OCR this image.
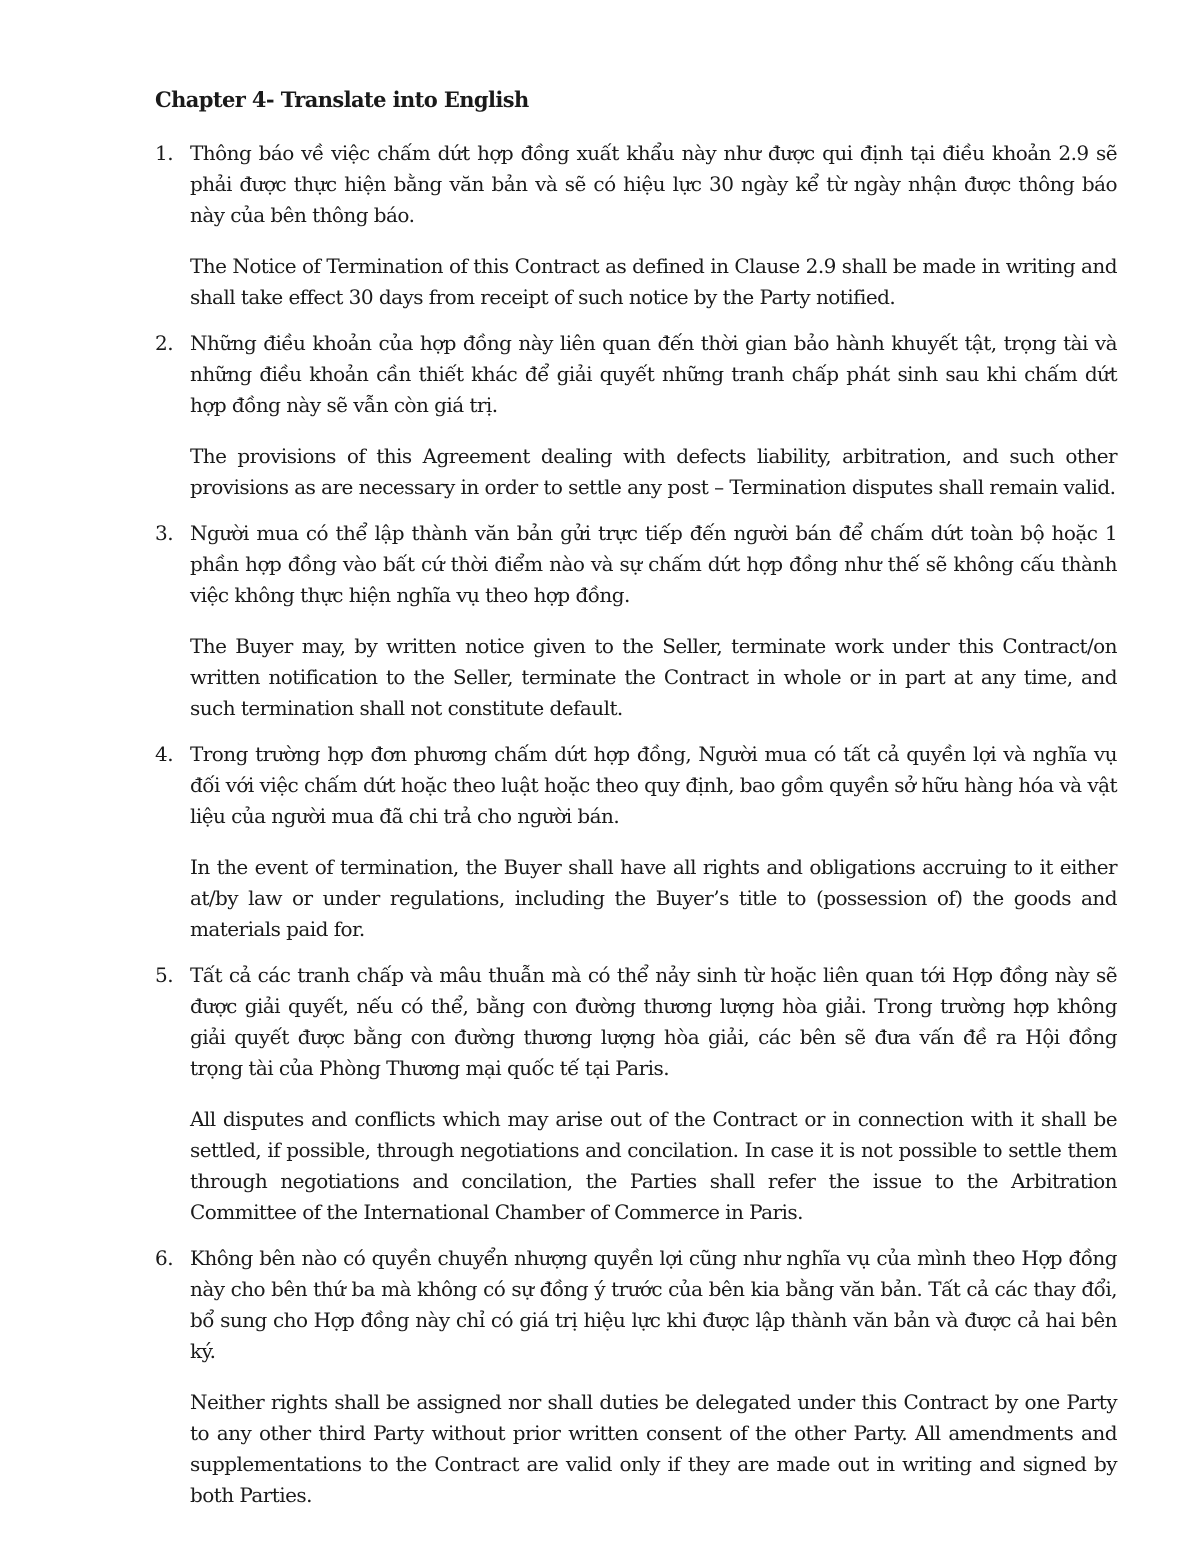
Chapter 4- Translate into English
1. Thông báo về việc chấm dứt hợp đồng xuất khẩu này như được qui định tại điều khoản 2.9 sẽ phải được thực hiện bằng văn bản và sẽ có hiệu lực 30 ngày kể từ ngày nhận được thông báo này của bên thông báo.

The Notice of Termination of this Contract as defined in Clause 2.9 shall be made in writing and shall take effect 30 days from receipt of such notice by the Party notified.

2. Những điều khoản của hợp đồng này liên quan đến thời gian bảo hành khuyết tật, trọng tài và những điều khoản cần thiết khác để giải quyết những tranh chấp phát sinh sau khi chấm dứt hợp đồng này sẽ vẫn còn giá trị.

The provisions of this Agreement dealing with defects liability, arbitration, and such other provisions as are necessary in order to settle any post – Termination disputes shall remain valid.

3. Người mua có thể lập thành văn bản gửi trực tiếp đến người bán để chấm dứt toàn bộ hoặc 1 phần hợp đồng vào bất cứ thời điểm nào và sự chấm dứt hợp đồng như thế sẽ không cấu thành việc không thực hiện nghĩa vụ theo hợp đồng.

The Buyer may, by written notice given to the Seller, terminate work under this Contract/on written notification to the Seller, terminate the Contract in whole or in part at any time, and such termination shall not constitute default.

4. Trong trường hợp đơn phương chấm dứt hợp đồng, Người mua có tất cả quyền lợi và nghĩa vụ đối với việc chấm dứt hoặc theo luật hoặc theo quy định, bao gồm quyền sở hữu hàng hóa và vật liệu của người mua đã chi trả cho người bán.

In the event of termination, the Buyer shall have all rights and obligations accruing to it either at/by law or under regulations, including the Buyer’s title to (possession of) the goods and materials paid for.

5. Tất cả các tranh chấp và mâu thuẫn mà có thể nảy sinh từ hoặc liên quan tới Hợp đồng này sẽ được giải quyết, nếu có thể, bằng con đường thương lượng hòa giải. Trong trường hợp không giải quyết được bằng con đường thương lượng hòa giải, các bên sẽ đưa vấn đề ra Hội đồng trọng tài của Phòng Thương mại quốc tế tại Paris.

All disputes and conflicts which may arise out of the Contract or in connection with it shall be settled, if possible, through negotiations and concilation. In case it is not possible to settle them through negotiations and concilation, the Parties shall refer the issue to the Arbitration Committee of the International Chamber of Commerce in Paris.

6. Không bên nào có quyền chuyển nhượng quyền lợi cũng như nghĩa vụ của mình theo Hợp đồng này cho bên thứ ba mà không có sự đồng ý trước của bên kia bằng văn bản. Tất cả các thay đổi, bổ sung cho Hợp đồng này chỉ có giá trị hiệu lực khi được lập thành văn bản và được cả hai bên ký.

Neither rights shall be assigned nor shall duties be delegated under this Contract by one Party to any other third Party without prior written consent of the other Party. All amendments and supplementations to the Contract are valid only if they are made out in writing and signed by both Parties.
